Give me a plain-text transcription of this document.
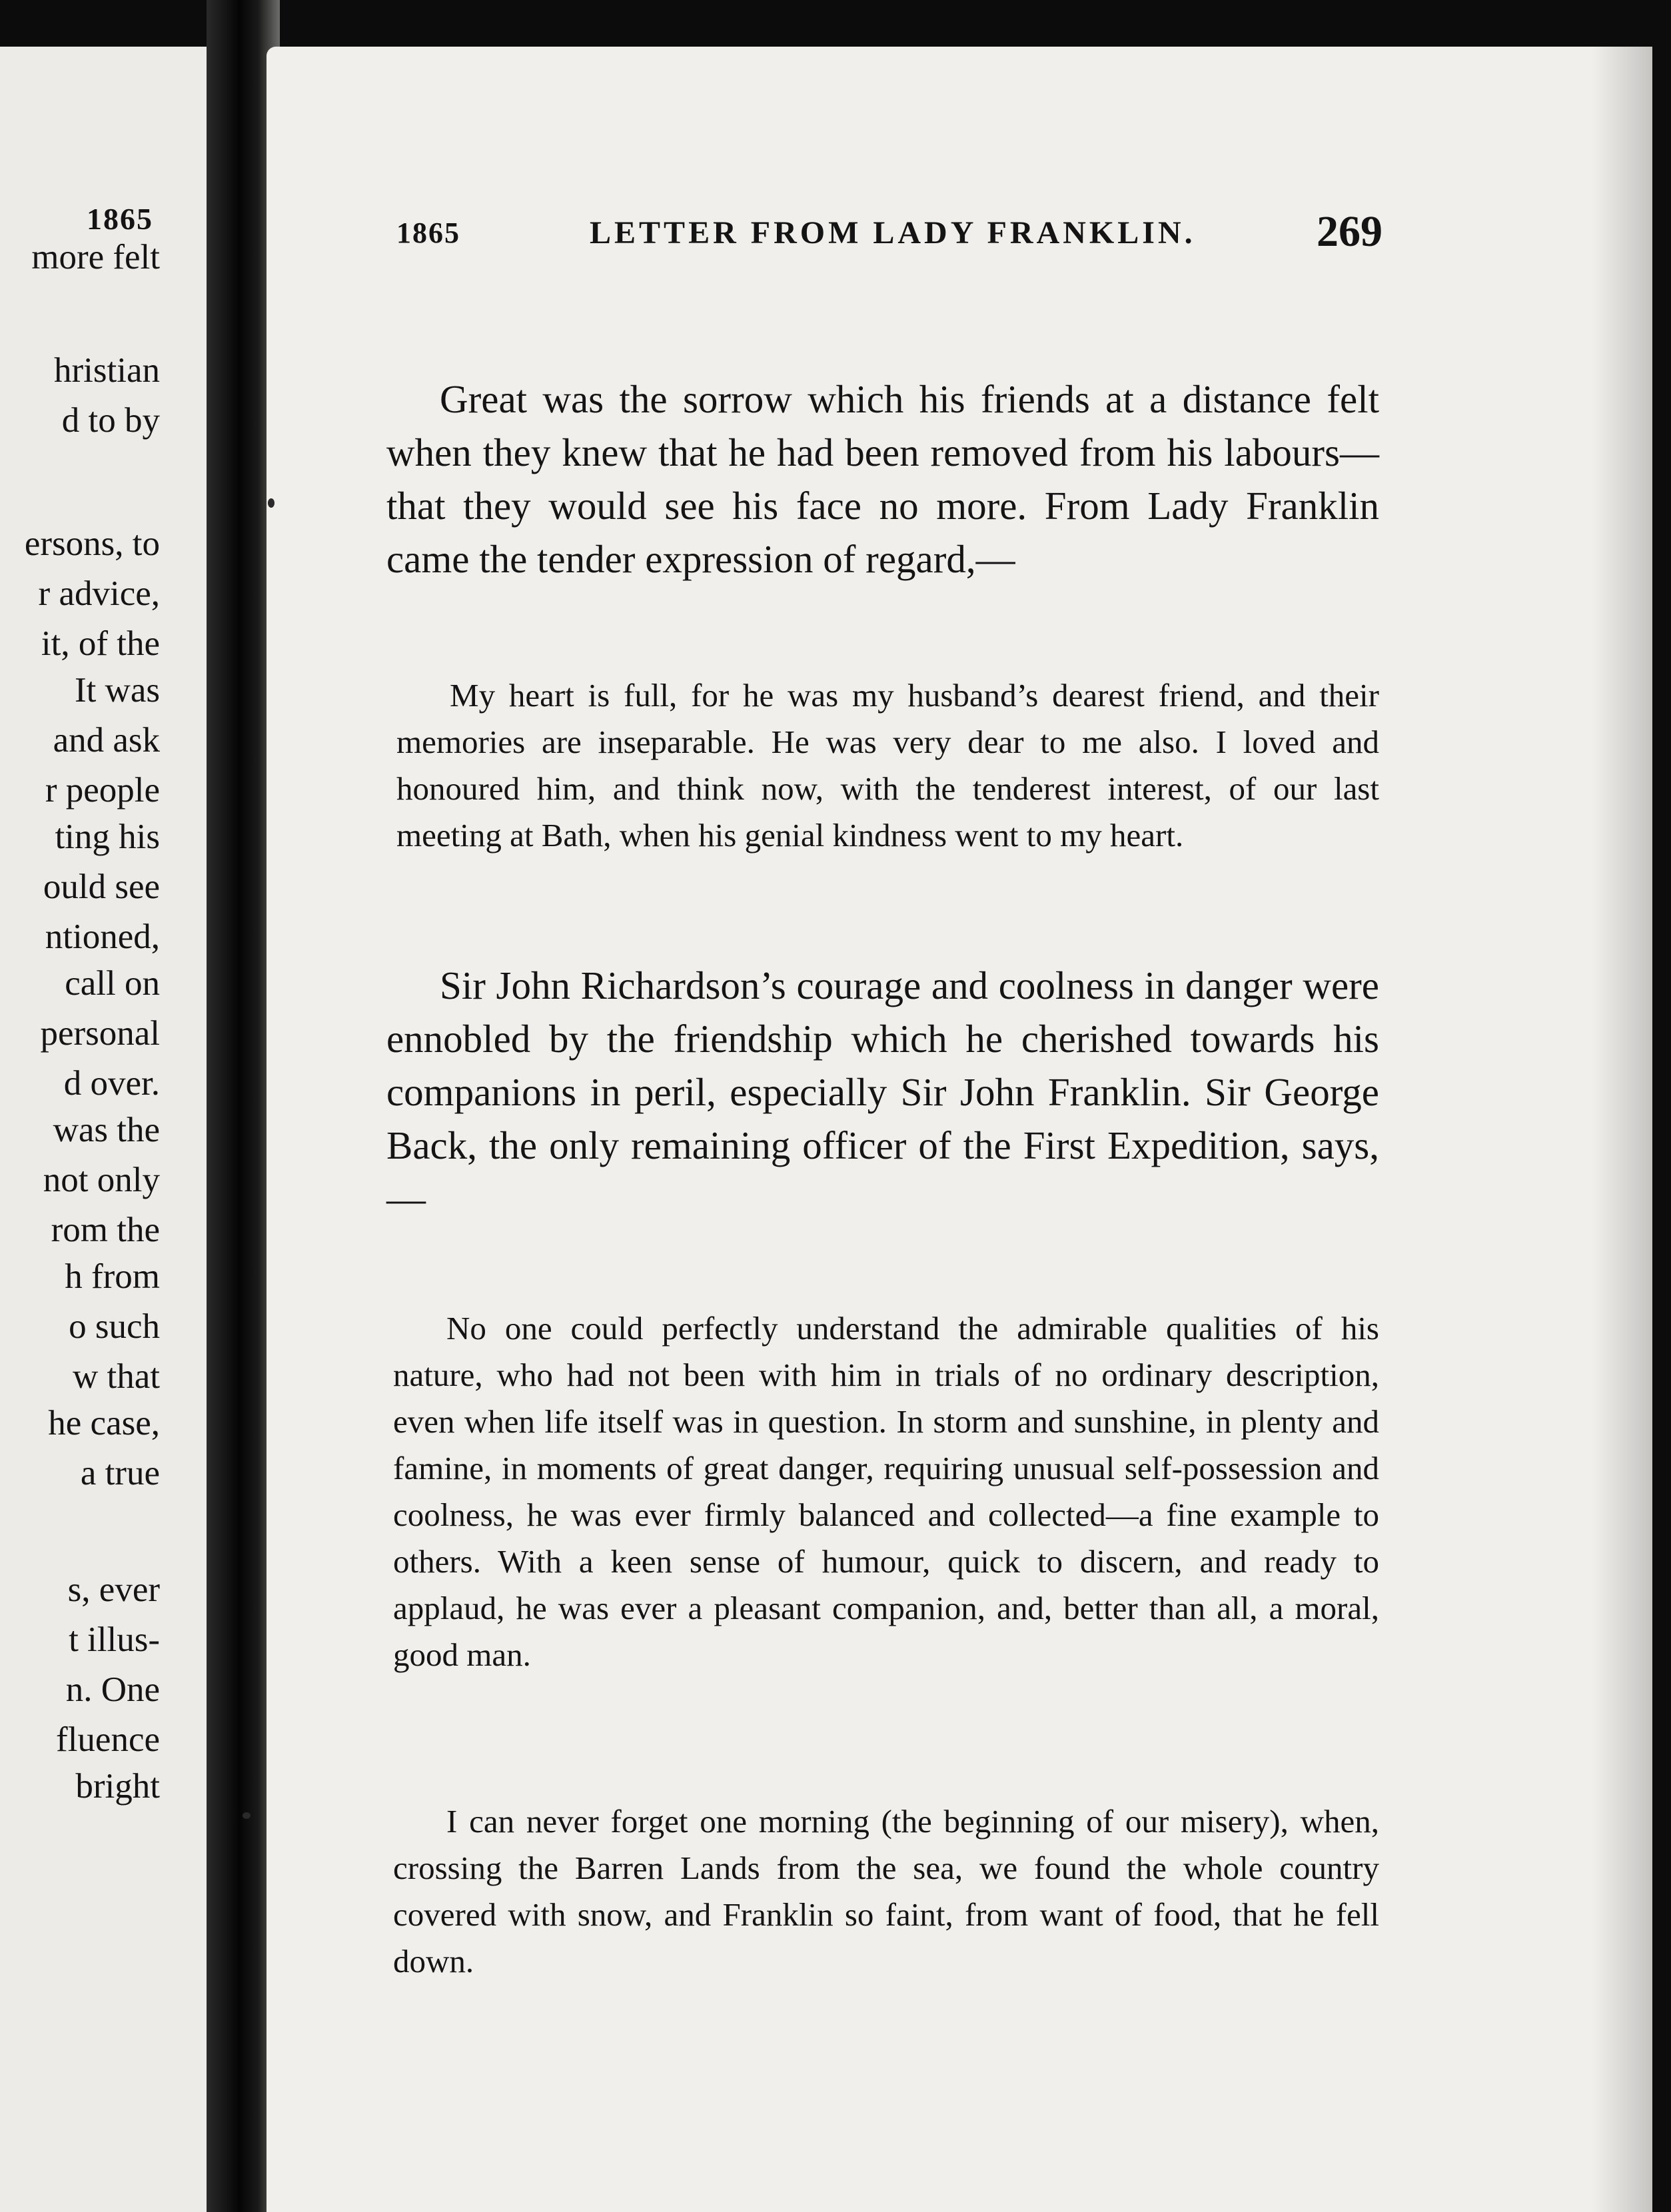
1865
more felt
hristian
d to by
ersons, to
r advice,
it, of the
It was
and ask
r people
ting his
ould see
ntioned,
call on
personal
d over.
was the
not only
rom the
h from
o such
w that
he case,
a true
s, ever
t illus-
n. One
fluence
bright
1865	LETTER FROM LADY FRANKLIN.	269

Great was the sorrow which his friends at a distance felt when they knew that he had been removed from his labours—that they would see his face no more. From Lady Franklin came the tender expression of regard,—

My heart is full, for he was my husband’s dearest friend, and their memories are inseparable. He was very dear to me also. I loved and honoured him, and think now, with the tenderest interest, of our last meeting at Bath, when his genial kindness went to my heart.

Sir John Richardson’s courage and coolness in danger were ennobled by the friendship which he cherished towards his companions in peril, especially Sir John Franklin. Sir George Back, the only remaining officer of the First Expedition, says,—

No one could perfectly understand the admirable qualities of his nature, who had not been with him in trials of no ordinary description, even when life itself was in question. In storm and sunshine, in plenty and famine, in moments of great danger, requiring unusual self-possession and coolness, he was ever firmly balanced and collected—a fine example to others. With a keen sense of humour, quick to discern, and ready to applaud, he was ever a pleasant companion, and, better than all, a moral, good man.

I can never forget one morning (the beginning of our misery), when, crossing the Barren Lands from the sea, we found the whole country covered with snow, and Franklin so faint, from want of food, that he fell down.
